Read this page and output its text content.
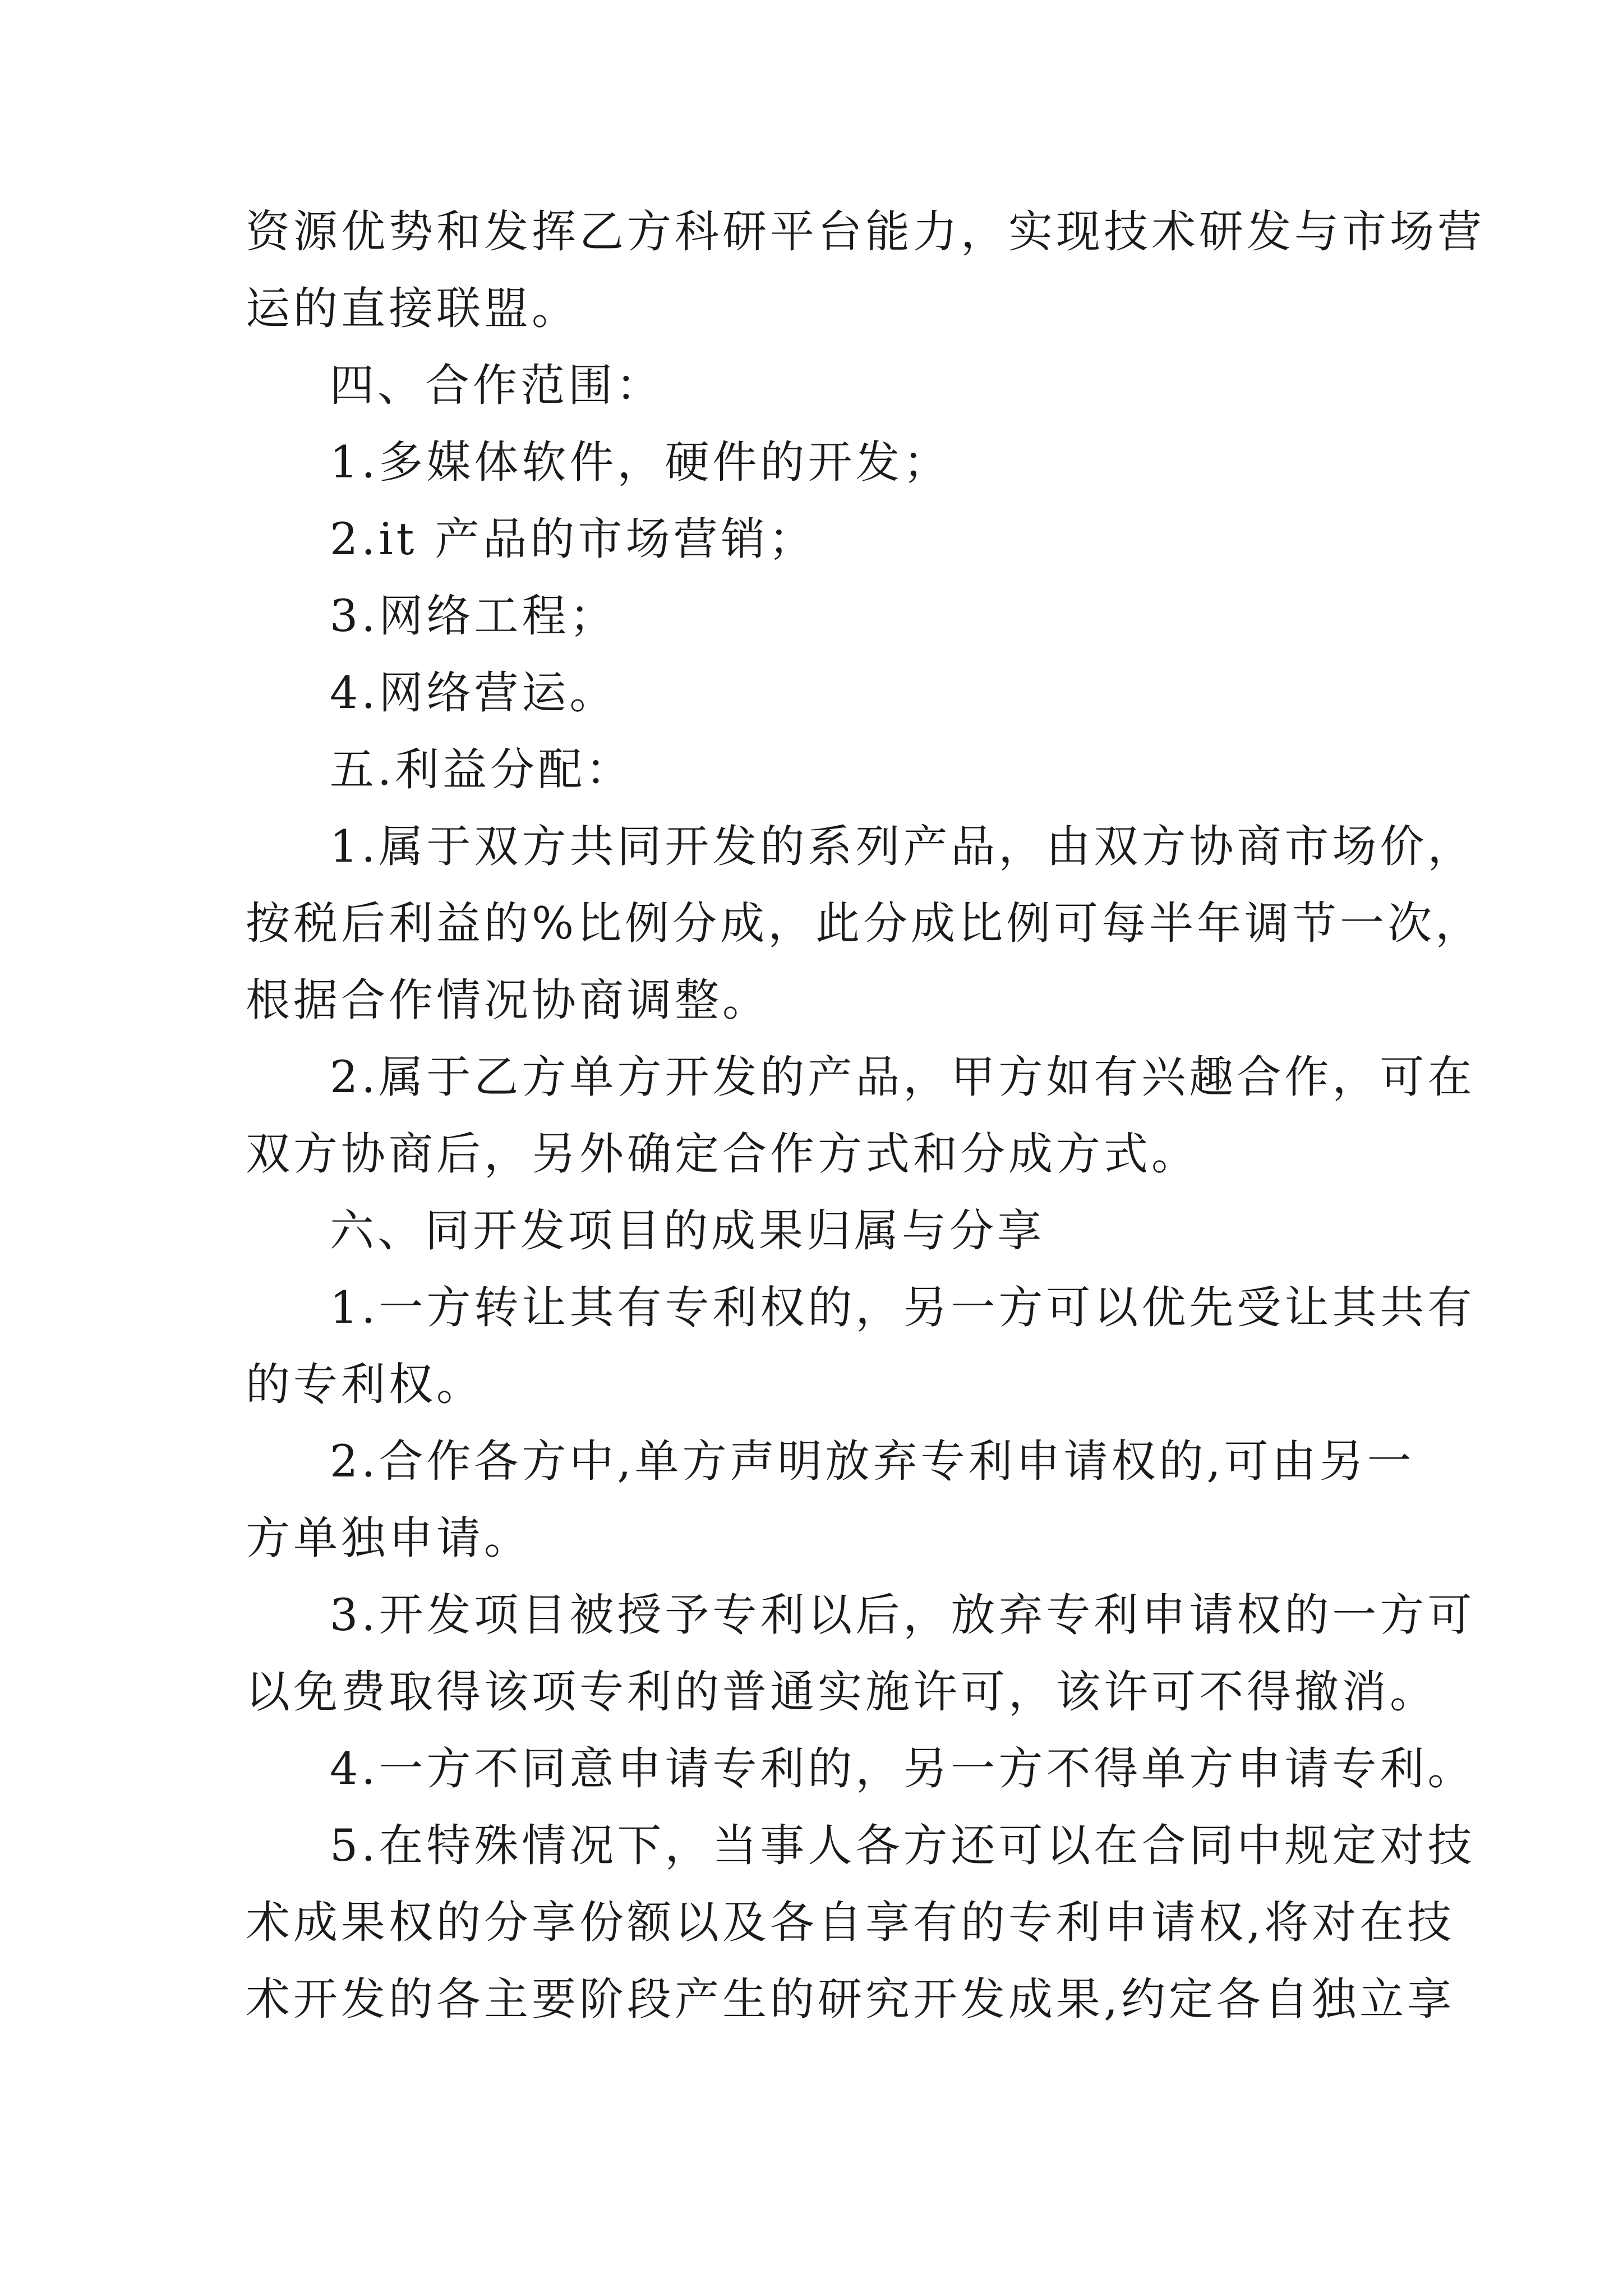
资源优势和发挥乙方科研平台能力，实现技术研发与市场营
运的直接联盟。
四、合作范围：
1.多媒体软件，硬件的开发；
2.it 产品的市场营销；
3.网络工程；
4.网络营运。
五.利益分配：
1.属于双方共同开发的系列产品，由双方协商市场价，
按税后利益的%比例分成，此分成比例可每半年调节一次，
根据合作情况协商调整。
2.属于乙方单方开发的产品，甲方如有兴趣合作，可在
双方协商后，另外确定合作方式和分成方式。
六、同开发项目的成果归属与分享
1.一方转让其有专利权的，另一方可以优先受让其共有
的专利权。
2.合作各方中,单方声明放弃专利申请权的,可由另一
方单独申请。
3.开发项目被授予专利以后，放弃专利申请权的一方可
以免费取得该项专利的普通实施许可，该许可不得撤消。
4.一方不同意申请专利的，另一方不得单方申请专利。
5.在特殊情况下，当事人各方还可以在合同中规定对技
术成果权的分享份额以及各自享有的专利申请权,将对在技
术开发的各主要阶段产生的研究开发成果,约定各自独立享
